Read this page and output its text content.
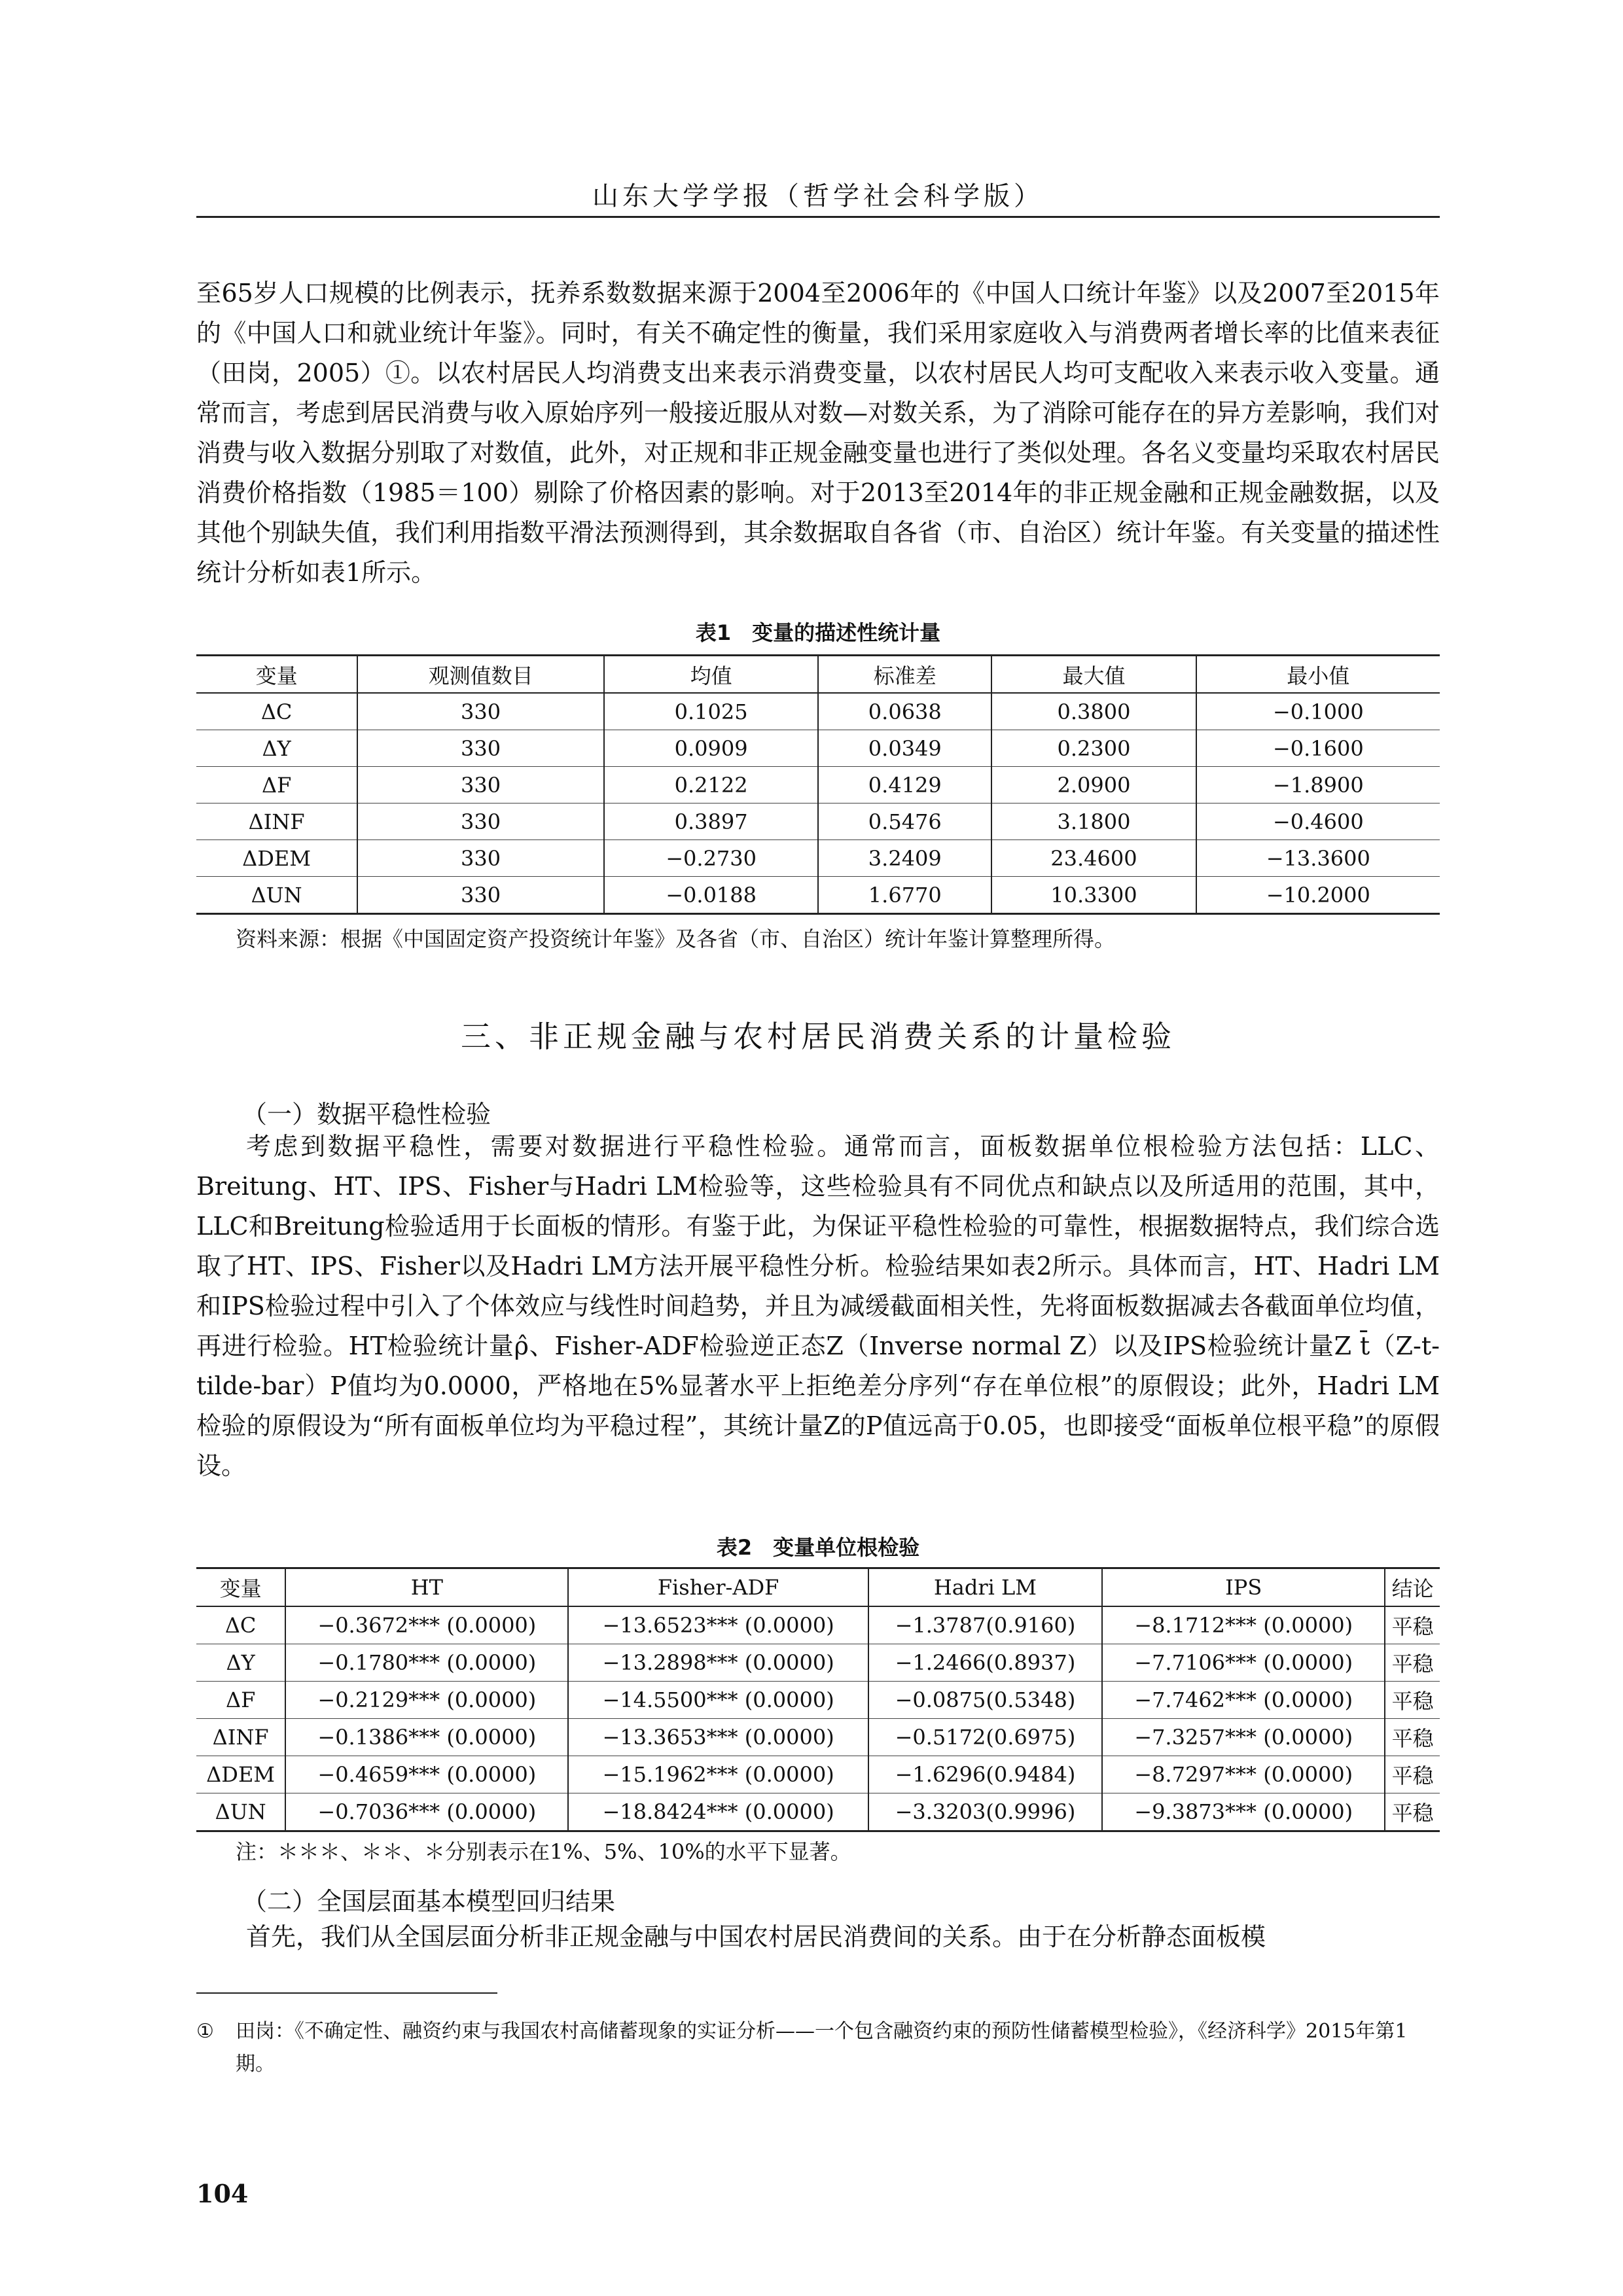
山东大学学报（哲学社会科学版）

至65岁人口规模的比例表示，抚养系数数据来源于2004至2006年的《中国人口统计年鉴》以及2007至2015年的《中国人口和就业统计年鉴》。同时，有关不确定性的衡量，我们采用家庭收入与消费两者增长率的比值来表征（田岗，2005）①。以农村居民人均消费支出来表示消费变量，以农村居民人均可支配收入来表示收入变量。通常而言，考虑到居民消费与收入原始序列一般接近服从对数—对数关系，为了消除可能存在的异方差影响，我们对消费与收入数据分别取了对数值，此外，对正规和非正规金融变量也进行了类似处理。各名义变量均采取农村居民消费价格指数（1985＝100）剔除了价格因素的影响。对于2013至2014年的非正规金融和正规金融数据，以及其他个别缺失值，我们利用指数平滑法预测得到，其余数据取自各省（市、自治区）统计年鉴。有关变量的描述性统计分析如表1所示。

表1　变量的描述性统计量
变量	观测值数目	均值	标准差	最大值	最小值
ΔC	330	0.1025	0.0638	0.3800	−0.1000
ΔY	330	0.0909	0.0349	0.2300	−0.1600
ΔF	330	0.2122	0.4129	2.0900	−1.8900
ΔINF	330	0.3897	0.5476	3.1800	−0.4600
ΔDEM	330	−0.2730	3.2409	23.4600	−13.3600
ΔUN	330	−0.0188	1.6770	10.3300	−10.2000
资料来源：根据《中国固定资产投资统计年鉴》及各省（市、自治区）统计年鉴计算整理所得。
三、非正规金融与农村居民消费关系的计量检验
（一）数据平稳性检验

考虑到数据平稳性，需要对数据进行平稳性检验。通常而言，面板数据单位根检验方法包括：LLC、Breitung、HT、IPS、Fisher与Hadri LM检验等，这些检验具有不同优点和缺点以及所适用的范围，其中，LLC和Breitung检验适用于长面板的情形。有鉴于此，为保证平稳性检验的可靠性，根据数据特点，我们综合选取了HT、IPS、Fisher以及Hadri LM方法开展平稳性分析。检验结果如表2所示。具体而言，HT、Hadri LM和IPS检验过程中引入了个体效应与线性时间趋势，并且为减缓截面相关性，先将面板数据减去各截面单位均值，再进行检验。HT检验统计量ρ̂、Fisher-ADF检验逆正态Z（Inverse normal Z）以及IPS检验统计量Z t̄（Z-t-tilde-bar）P值均为0.0000，严格地在5%显著水平上拒绝差分序列“存在单位根”的原假设；此外，Hadri LM检验的原假设为“所有面板单位均为平稳过程”，其统计量Z的P值远高于0.05，也即接受“面板单位根平稳”的原假设。

表2　变量单位根检验
变量	HT	Fisher-ADF	Hadri LM	IPS	结论
ΔC	−0.3672*** (0.0000)	−13.6523*** (0.0000)	−1.3787(0.9160)	−8.1712*** (0.0000)	平稳
ΔY	−0.1780*** (0.0000)	−13.2898*** (0.0000)	−1.2466(0.8937)	−7.7106*** (0.0000)	平稳
ΔF	−0.2129*** (0.0000)	−14.5500*** (0.0000)	−0.0875(0.5348)	−7.7462*** (0.0000)	平稳
ΔINF	−0.1386*** (0.0000)	−13.3653*** (0.0000)	−0.5172(0.6975)	−7.3257*** (0.0000)	平稳
ΔDEM	−0.4659*** (0.0000)	−15.1962*** (0.0000)	−1.6296(0.9484)	−8.7297*** (0.0000)	平稳
ΔUN	−0.7036*** (0.0000)	−18.8424*** (0.0000)	−3.3203(0.9996)	−9.3873*** (0.0000)	平稳
注：＊＊＊、＊＊、＊分别表示在1%、5%、10%的水平下显著。
（二）全国层面基本模型回归结果

首先，我们从全国层面分析非正规金融与中国农村居民消费间的关系。由于在分析静态面板模

① 田岗：《不确定性、融资约束与我国农村高储蓄现象的实证分析——一个包含融资约束的预防性储蓄模型检验》，《经济科学》2015年第1期。
104
